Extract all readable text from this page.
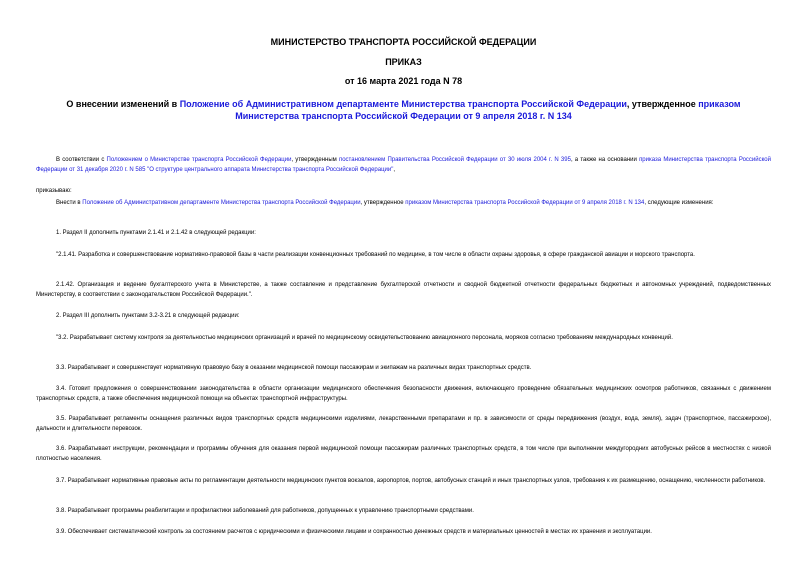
МИНИСТЕРСТВО ТРАНСПОРТА РОССИЙСКОЙ ФЕДЕРАЦИИ
ПРИКАЗ
от 16 марта 2021 года N 78
О внесении изменений в Положение об Административном департаменте Министерства транспорта Российской Федерации, утвержденное приказом Министерства транспорта Российской Федерации от 9 апреля 2018 г. N 134
В соответствии с Положением о Министерстве транспорта Российской Федерации, утвержденным постановлением Правительства Российской Федерации от 30 июля 2004 г. N 395, а также на основании приказа Министерства транспорта Российской Федерации от 31 декабря 2020 г. N 585 "О структуре центрального аппарата Министерства транспорта Российской Федерации",
приказываю:
Внести в Положение об Административном департаменте Министерства транспорта Российской Федерации, утвержденное приказом Министерства транспорта Российской Федерации от 9 апреля 2018 г. N 134, следующие изменения:
1. Раздел II дополнить пунктами 2.1.41 и 2.1.42 в следующей редакции:
"2.1.41. Разработка и совершенствование нормативно-правовой базы в части реализации конвенционных требований по медицине, в том числе в области охраны здоровья, в сфере гражданской авиации и морского транспорта.
2.1.42. Организация и ведение бухгалтерского учета в Министерстве, а также составление и представление бухгалтерской отчетности и сводной бюджетной отчетности федеральных бюджетных и автономных учреждений, подведомственных Министерству, в соответствии с законодательством Российской Федерации.".
2. Раздел III дополнить пунктами 3.2-3.21 в следующей редакции:
"3.2. Разрабатывает систему контроля за деятельностью медицинских организаций и врачей по медицинскому освидетельствованию авиационного персонала, моряков согласно требованиям международных конвенций.
3.3. Разрабатывает и совершенствует нормативную правовую базу в оказании медицинской помощи пассажирам и экипажам на различных видах транспортных средств.
3.4. Готовит предложения о совершенствовании законодательства в области организации медицинского обеспечения безопасности движения, включающего проведение обязательных медицинских осмотров работников, связанных с движением транспортных средств, а также обеспечения медицинской помощи на объектах транспортной инфраструктуры.
3.5. Разрабатывает регламенты оснащения различных видов транспортных средств медицинскими изделиями, лекарственными препаратами и пр. в зависимости от среды передвижения (воздух, вода, земля), задач (транспортное, пассажирское), дальности и длительности перевозок.
3.6. Разрабатывает инструкции, рекомендации и программы обучения для оказания первой медицинской помощи пассажирам различных транспортных средств, в том числе при выполнении междугородних автобусных рейсов в местностях с низкой плотностью населения.
3.7. Разрабатывает нормативные правовые акты по регламентации деятельности медицинских пунктов вокзалов, аэропортов, портов, автобусных станций и иных транспортных узлов, требования к их размещению, оснащению, численности работников.
3.8. Разрабатывает программы реабилитации и профилактики заболеваний для работников, допущенных к управлению транспортными средствами.
3.9. Обеспечивает систематический контроль за состоянием расчетов с юридическими и физическими лицами и сохранностью денежных средств и материальных ценностей в местах их хранения и эксплуатации.
